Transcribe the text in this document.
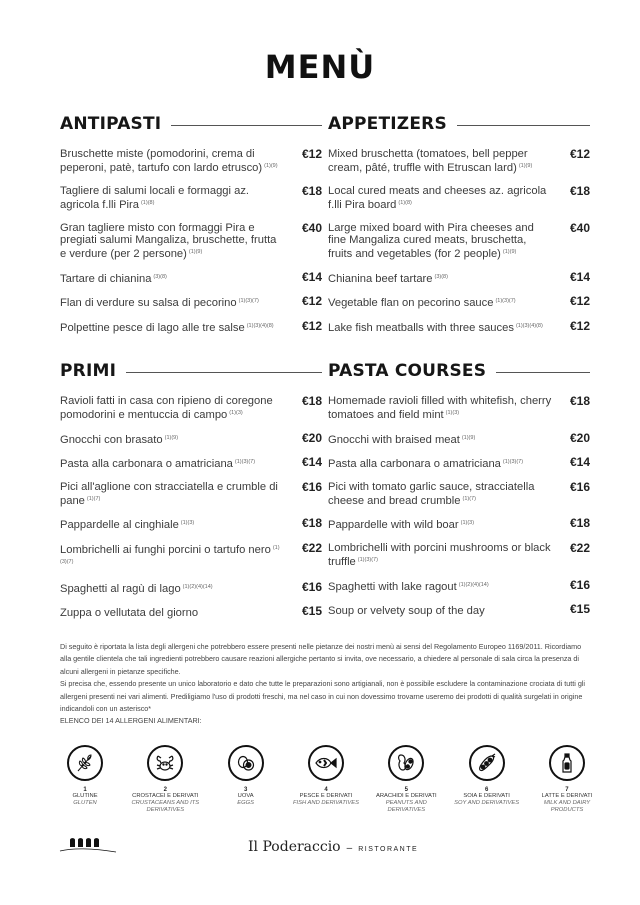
MENÙ
ANTIPASTI
Bruschette miste (pomodorini, crema di peperoni, patè, tartufo con lardo etrusco) $^{(1)(9)}$
€12
Tagliere di salumi locali e formaggi az. agricola f.lli Pira $^{(1)(8)}$
€18
Gran tagliere misto con formaggi Pira e pregiati salumi Mangaliza, bruschette, frutta e verdure (per 2 persone) $^{(1)(9)}$
€40
Tartare di chianina $^{(3)(8)}$	€14
Flan di verdure su salsa di pecorino $^{(1)(3)(7)}$	€12
Polpettine pesce di lago alle tre salse $^{(1)(3)(4)(8)}$	€12
APPETIZERS
Mixed bruschetta (tomatoes, bell pepper cream, pâté, truffle with Etruscan lard) $^{(1)(9)}$
€12
Local cured meats and cheeses az. agricola f.lli Pira board $^{(1)(8)}$
€18
Large mixed board with Pira cheeses and fine Mangaliza cured meats, bruschetta, fruits and vegetables (for 2 people) $^{(1)(9)}$
€40
Chianina beef tartare $^{(3)(8)}$	€14
Vegetable flan on pecorino sauce $^{(1)(3)(7)}$	€12
Lake fish meatballs with three sauces $^{(1)(3)(4)(8)}$	€12
PRIMI
Ravioli fatti in casa con ripieno di coregone pomodorini e mentuccia di campo $^{(1)(3)}$
€18
Gnocchi con brasato $^{(1)(9)}$	€20
Pasta alla carbonara o amatriciana $^{(1)(3)(7)}$	€14
Pici all'aglione con stracciatella e crumble di pane $^{(1)(7)}$
€16
Pappardelle al cinghiale $^{(1)(3)}$	€18
Lombrichelli ai funghi porcini o tartufo nero $^{(1)(3)(7)}$
€22
Spaghetti al ragù di lago $^{(1)(2)(4)(14)}$	€16
Zuppa o vellutata del giorno	€15
PASTA COURSES
Homemade ravioli filled with whitefish, cherry tomatoes and field mint $^{(1)(3)}$
€18
Gnocchi with braised meat $^{(1)(9)}$	€20
Pasta alla carbonara o amatriciana $^{(1)(3)(7)}$	€14
Pici with tomato garlic sauce, stracciatella cheese and bread crumble $^{(1)(7)}$
€16
Pappardelle with wild boar $^{(1)(3)}$	€18
Lombrichelli with porcini mushrooms or black truffle $^{(1)(3)(7)}$
€22
Spaghetti with lake ragout $^{(1)(2)(4)(14)}$	€16
Soup or velvety soup of the day	€15

Di seguito è riportata la lista degli allergeni che potrebbero essere presenti nelle pietanze dei nostri menù ai sensi del Regolamento Europeo 1169/2011. Ricordiamo alla gentile clientela che tali ingredienti potrebbero causare reazioni allergiche pertanto si invita, ove necessario, a chiedere al personale di sala circa la presenza di alcuni allergeni in pietanze specifiche.

Si precisa che, essendo presente un unico laboratorio e dato che tutte le preparazioni sono artigianali, non è possibile escludere la contaminazione crociata di tutti gli allergeni presenti nei vari alimenti. Prediligiamo l'uso di prodotti freschi, ma nel caso in cui non dovessimo trovarne useremo dei prodotti di qualità surgelati in origine indicandoli con un asterisco*

ELENCO DEI 14 ALLERGENI ALIMENTARI:

1
GLUTINE
GLUTEN
2
CROSTACEI E DERIVATI
CRUSTACEANS AND ITS DERIVATIVES
3
UOVA
EGGS
4
PESCE E DERIVATI
FISH AND DERIVATIVES
5
ARACHIDI E DERIVATI
PEANUTS AND DERIVATIVES
6
SOIA E DERIVATI
SOY AND DERIVATIVES
7
LATTE E DERIVATI
MILK AND DAIRY PRODUCTS
Il Poderaccio – RISTORANTE
